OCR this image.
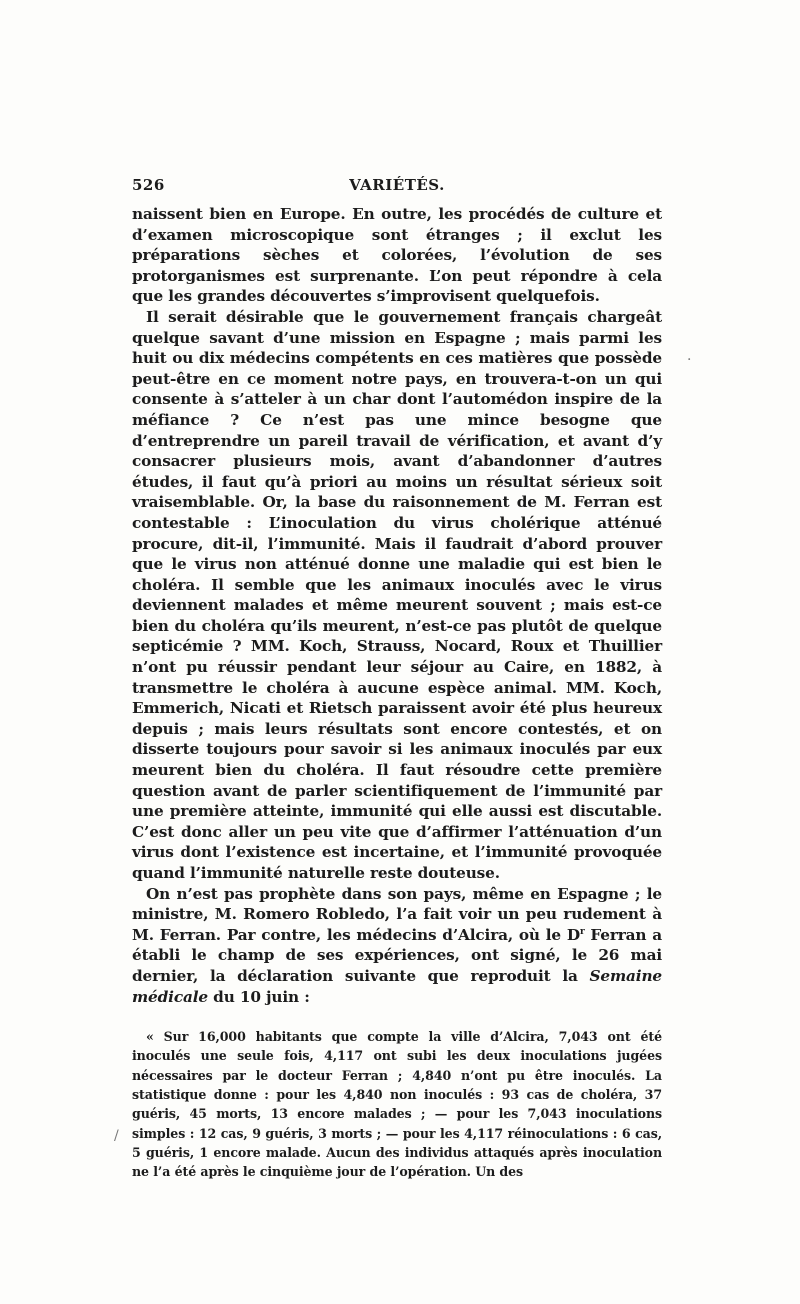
526	VARIÉTÉS.

naissent bien en Europe. En outre, les procédés de culture et d’examen microscopique sont étranges ; il exclut les préparations sèches et colorées, l’évolution de ses protorganismes est surprenante. L’on peut répondre à cela que les grandes découvertes s’improvisent quelquefois.

Il serait désirable que le gouvernement français chargeât quelque savant d’une mission en Espagne ; mais parmi les huit ou dix médecins compétents en ces matières que possède peut-être en ce moment notre pays, en trouvera-t-on un qui consente à s’atteler à un char dont l’automédon inspire de la méfiance ? Ce n’est pas une mince besogne que d’entreprendre un pareil travail de vérification, et avant d’y consacrer plusieurs mois, avant d’abandonner d’autres études, il faut qu’à priori au moins un résultat sérieux soit vraisemblable. Or, la base du raisonnement de M. Ferran est contestable : L’inoculation du virus cholérique atténué procure, dit-il, l’immunité. Mais il faudrait d’abord prouver que le virus non atténué donne une maladie qui est bien le choléra. Il semble que les animaux inoculés avec le virus deviennent malades et même meurent souvent ; mais est-ce bien du choléra qu’ils meurent, n’est-ce pas plutôt de quelque septicémie ? MM. Koch, Strauss, Nocard, Roux et Thuillier n’ont pu réussir pendant leur séjour au Caire, en 1882, à transmettre le choléra à aucune espèce animal. MM. Koch, Emmerich, Nicati et Rietsch paraissent avoir été plus heureux depuis ; mais leurs résultats sont encore contestés, et on disserte toujours pour savoir si les animaux inoculés par eux meurent bien du choléra. Il faut résoudre cette première question avant de parler scientifiquement de l’immunité par une première atteinte, immunité qui elle aussi est discutable. C’est donc aller un peu vite que d’affirmer l’atténuation d’un virus dont l’existence est incertaine, et l’immunité provoquée quand l’immunité naturelle reste douteuse.

On n’est pas prophète dans son pays, même en Espagne ; le ministre, M. Romero Robledo, l’a fait voir un peu rudement à M. Ferran. Par contre, les médecins d’Alcira, où le $D^r$ Ferran a établi le champ de ses expériences, ont signé, le 26 mai dernier, la déclaration suivante que reproduit la Semaine médicale du 10 juin :

« Sur 16,000 habitants que compte la ville d’Alcira, 7,043 ont été inoculés une seule fois, 4,117 ont subi les deux inoculations jugées nécessaires par le docteur Ferran ; 4,840 n’ont pu être inoculés. La statistique donne : pour les 4,840 non inoculés : 93 cas de choléra, 37 guéris, 45 morts, 13 encore malades ; — pour les 7,043 inoculations simples : 12 cas, 9 guéris, 3 morts ; — pour les 4,117 réinoculations : 6 cas, 5 guéris, 1 encore malade. Aucun des individus attaqués après inoculation ne l’a été après le cinquième jour de l’opération. Un des

·
/
